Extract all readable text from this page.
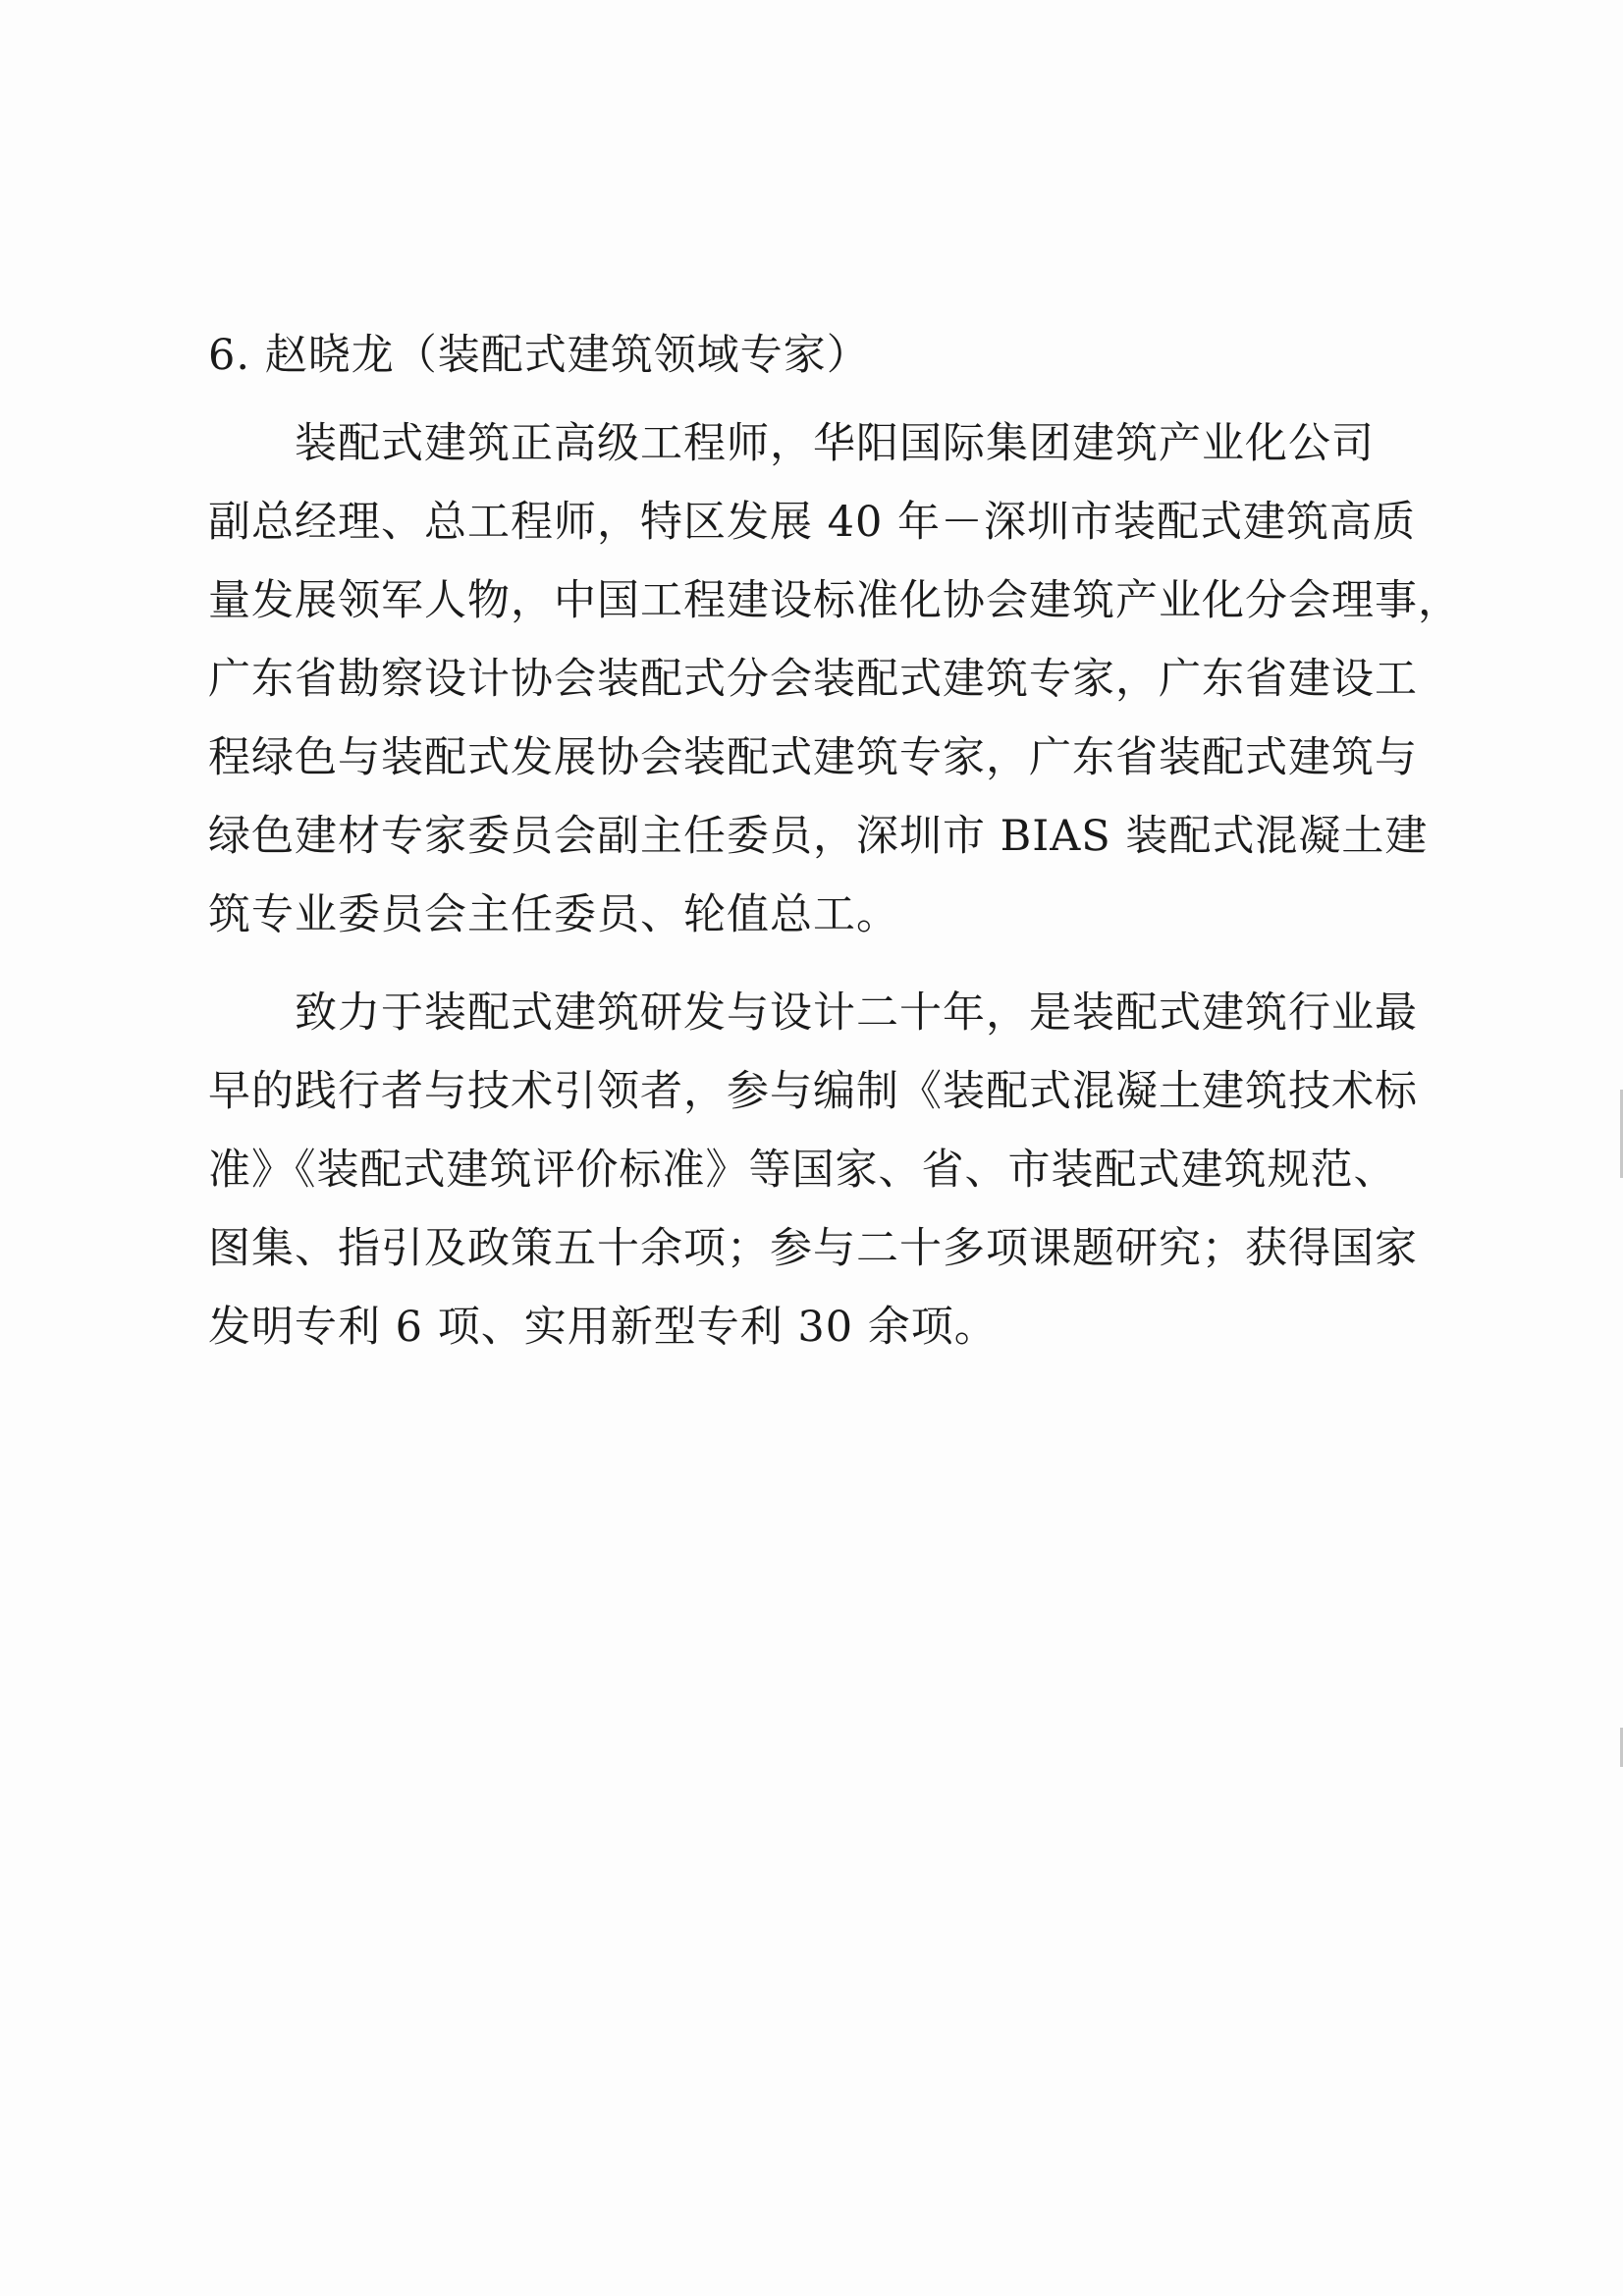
6. 赵晓龙（装配式建筑领域专家）
　　装配式建筑正高级工程师，华阳国际集团建筑产业化公司
副总经理、总工程师，特区发展 40 年－深圳市装配式建筑高质
量发展领军人物，中国工程建设标准化协会建筑产业化分会理事，
广东省勘察设计协会装配式分会装配式建筑专家，广东省建设工
程绿色与装配式发展协会装配式建筑专家，广东省装配式建筑与
绿色建材专家委员会副主任委员，深圳市 BIAS 装配式混凝土建
筑专业委员会主任委员、轮值总工。
　　致力于装配式建筑研发与设计二十年，是装配式建筑行业最
早的践行者与技术引领者，参与编制《装配式混凝土建筑技术标
准》《装配式建筑评价标准》等国家、省、市装配式建筑规范、
图集、指引及政策五十余项；参与二十多项课题研究；获得国家
发明专利 6 项、实用新型专利 30 余项。
